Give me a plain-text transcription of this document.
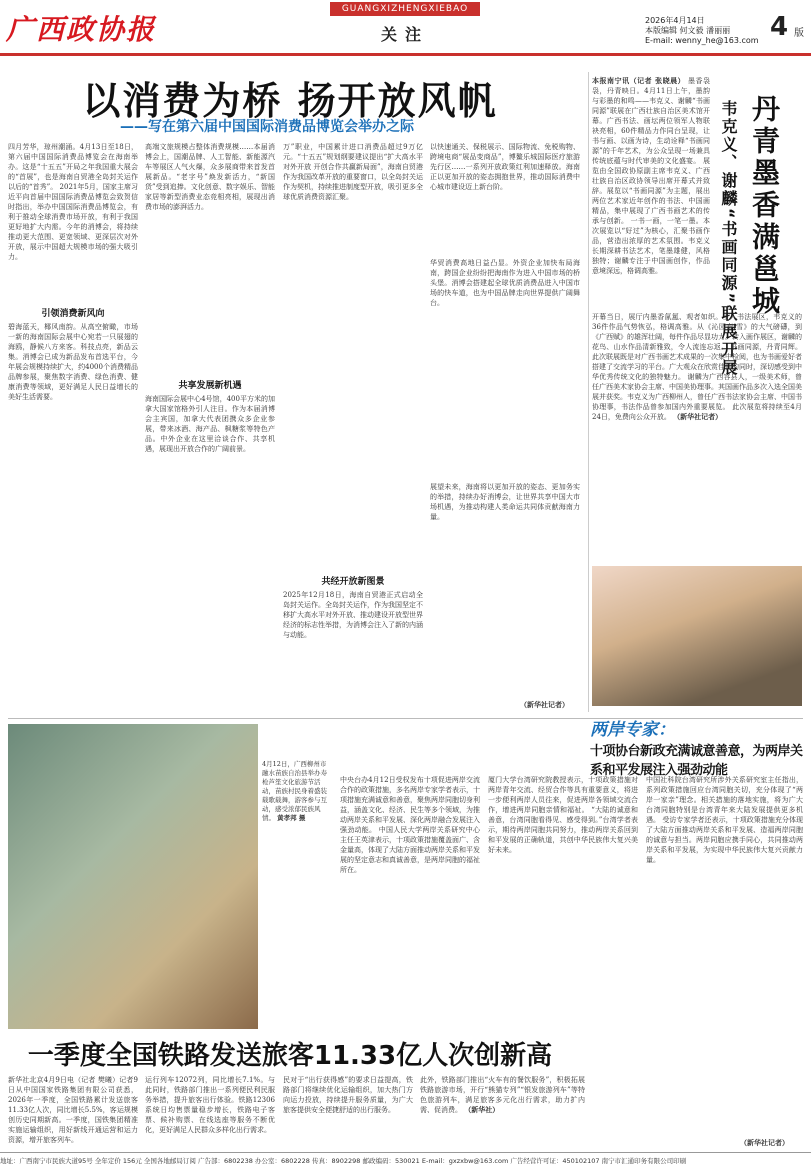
广西政协报
GUANGXIZHENGXIEBAO
关注
2026年4月14日
本版编辑 何文毅 潘丽丽
E-mail: wenny_he@163.com 4 版
以消费为桥 扬开放风帆
——写在第六届中国国际消费品博览会举办之际
四月芳华，琼州潮涌。4月13日至18日，第六届中国国际消费品博览会在海南举办。这是“十五五”开局之年我国重大展会的“首展”，也是海南自贸港全岛封关运作以后的“首秀”。 2021年5月，国家主席习近平向首届中国国际消费品博览会致贺信时指出，举办中国国际消费品博览会，有利于推动全球消费市场开放，有利于我国更好地扩大内需。今年的消博会，将持续推动更大范围、更宽领域、更深层次对外开放，展示中国超大规模市场的强大吸引力。
引领消费新风向
碧海蓝天，椰风南韵。从高空俯瞰，市场一新的海南国际会展中心宛若一只展翅的海鸥，静候八方来客。科技点亮，新品云集。消博会已成为新品发布首选平台，今年展会规模持续扩大，约4000个消费精品品牌参展，聚焦数字消费、绿色消费、健康消费等领域，更好满足人民日益增长的美好生活需要。
高端文旅规模占整体消费规模……本届消博会上，国潮品牌、人工智能、新能源汽车等展区人气火爆，众多展商带来首发首展新品。“老字号”焕发新活力，“新国货”受到追捧。文化创意、数字娱乐、智能家居等新型消费业态竞相亮相，展现出消费市场的澎湃活力。
共享发展新机遇
海南国际会展中心4号馆，400平方米的加拿大国家馆格外引人注目。作为本届消博会主宾国，加拿大代表团携众多企业参展，带来冰酒、海产品、枫糖浆等特色产品。中外企业在这里洽谈合作、共享机遇，展现出开放合作的广阔前景。
万”职业，中国累计进口消费品超过9万亿元。“十五五”规划纲要建议提出“扩大高水平对外开放 开创合作共赢新局面”，海南自贸港作为我国改革开放的重要窗口，以全岛封关运作为契机，持续推进制度型开放，吸引更多全球优质消费资源汇聚。
共经开放新图景
2025年12月18日，海南自贸港正式启动全岛封关运作。全岛封关运作，作为我国坚定不移扩大高水平对外开放、推动建设开放型世界经济的标志性举措，为消博会注入了新的内涵与动能。
以快速通关、保税展示、国际物流、免税购物、跨境电商“展品变商品”，博鳌乐城国际医疗旅游先行区……一系列开放政策红利加速释放。海南正以更加开放的姿态拥抱世界，推动国际消费中心城市建设迈上新台阶。
华贸消费高地日益凸显。外资企业加快布局海南，跨国企业纷纷把海南作为进入中国市场的桥头堡。消博会搭建起全球优质消费品进入中国市场的快车道，也为中国品牌走向世界提供广阔舞台。
展望未来，海南将以更加开放的姿态、更加务实的举措，持续办好消博会，让世界共享中国大市场机遇，为推动构建人类命运共同体贡献海南力量。
（新华社记者）
丹青墨香满邕城
韦克义、谢麟“书画同源”联展开展
本报南宁讯（记者 张晓晨） 墨香袅袅，丹青映日。4月11日上午，墨韵与彩墨的和鸣——韦克义、谢麟“书画同源”联展在广西壮族自治区美术馆开幕。广西书法、画坛两位领军人物联袂亮相，60件精品力作同台呈现，让书与画、以画为诗，生动诠释“书画同源”的千年艺术，为公众呈现一场兼具传统底蕴与时代审美的文化盛宴。 展览由全国政协原副主席韦克义、广西壮族自治区政协领导出席开幕式并致辞。展览以“书画同源”为主题，展出两位艺术家近年创作的书法、中国画精品，集中展现了广西书画艺术的传承与创新。 一书一画，一笔一墨。本次展览以“好过”为核心，汇聚书画作品，营造出浓厚的艺术氛围。韦克义长期深耕书法艺术，笔墨雄健，风格独特；谢麟专注于中国画创作，作品意境深远，格调高雅。
开幕当日，展厅内墨香氤氲、观者如织。步入书法展区，韦克义的36件作品气势恢弘，格调高雅。从《沁园春·雪》的大气磅礴，到《广西赋》的雄浑壮阔，每件作品尽显功力。转入画作展区，谢麟的花鸟、山水作品清新雅致，令人流连忘返。 书画同源，丹青同辉。此次联展既是对广西书画艺术成果的一次集中检阅，也为书画爱好者搭建了交流学习的平台。广大观众在欣赏佳作的同时，深切感受到中华优秀传统文化的独特魅力。 谢麟为广西容县人，一级美术师，曾任广西美术家协会主席、中国美协理事。其国画作品多次入选全国美展并获奖。韦克义为广西柳州人，曾任广西书法家协会主席、中国书协理事，书法作品曾参加国内外重要展览。 此次展览将持续至4月24日，免费向公众开放。 （新华社记者）
4月12日，广西柳州市融水苗族自治县举办寿枪芦笙文化旅游节活动，苗族村民身着盛装载歌载舞，游客参与互动，感受浓郁民族风情。 黄孝邦 摄
两岸专家：
十项协台新政充满诚意善意，为两岸关系和平发展注入强劲动能
中央台办4月12日受权发布十项促进两岸交流合作的政策措施，多名两岸专家学者表示，十项措施充满诚意和善意，聚焦两岸同胞切身利益，涵盖文化、经济、民生等多个领域，为推动两岸关系和平发展、深化两岸融合发展注入强劲动能。 中国人民大学两岸关系研究中心主任王英津表示，十项政策措施覆盖面广、含金量高，体现了大陆方面推动两岸关系和平发展的坚定意志和真诚善意，是两岸同胞的福祉所在。
厦门大学台湾研究院教授表示，十项政策措施对两岸青年交流、经贸合作等具有重要意义，将进一步便利两岸人员往来，促进两岸各领域交流合作，增进两岸同胞亲情和福祉。 “大陆的诚意和善意，台湾同胞看得见、感受得到。”台湾学者表示，期待两岸同胞共同努力，推动两岸关系回到和平发展的正确轨道，共创中华民族伟大复兴美好未来。
中国社科院台湾研究所涉外关系研究室主任指出，系列政策措施回应台湾同胞关切，充分体现了“两岸一家亲”理念。相关措施的落地实施，将为广大台湾同胞特别是台湾青年来大陆发展提供更多机遇。 受访专家学者还表示，十项政策措施充分体现了大陆方面推动两岸关系和平发展、造福两岸同胞的诚意与担当。两岸同胞应携手同心，共同推动两岸关系和平发展，为实现中华民族伟大复兴贡献力量。
（新华社记者）
一季度全国铁路发送旅客11.33亿人次创新高
新华社北京4月9日电（记者 樊曦）记者9日从中国国家铁路集团有限公司获悉，2026年一季度，全国铁路累计发送旅客11.33亿人次，同比增长5.5%，客运规模创历史同期新高。一季度，国铁集团精准实施运输组织，用好新线开通运营和运力资源，增开旅客列车。
运行列车12072列，同比增长7.1%。与此同时，铁路部门推出一系列便民利民服务举措，提升旅客出行体验。铁路12306系统日均售票量稳步增长，铁路电子客票、候补购票、在线选座等服务不断优化，更好满足人民群众多样化出行需求。
民对于“出行获得感”的要求日益提高，铁路部门将继续优化运输组织，加大热门方向运力投放，持续提升服务质量，为广大旅客提供安全便捷舒适的出行服务。
此外，铁路部门推出“火车有的餐饮服务”，积极拓展铁路旅游市场，开行“熊猫专列”“银发旅游列车”等特色旅游列车，满足旅客多元化出行需求，助力扩内需、促消费。 （新华社）
地址：广西南宁市民族大道95号 全年定价 156元 全国各地邮局订阅 广告部：6802238 办公室：6802228 传真：8902298 邮政编码：530021 E-mail：gxzxbw@163.com 广告经营许可证：450102107 南宁市汇通印务有限公司印刷
